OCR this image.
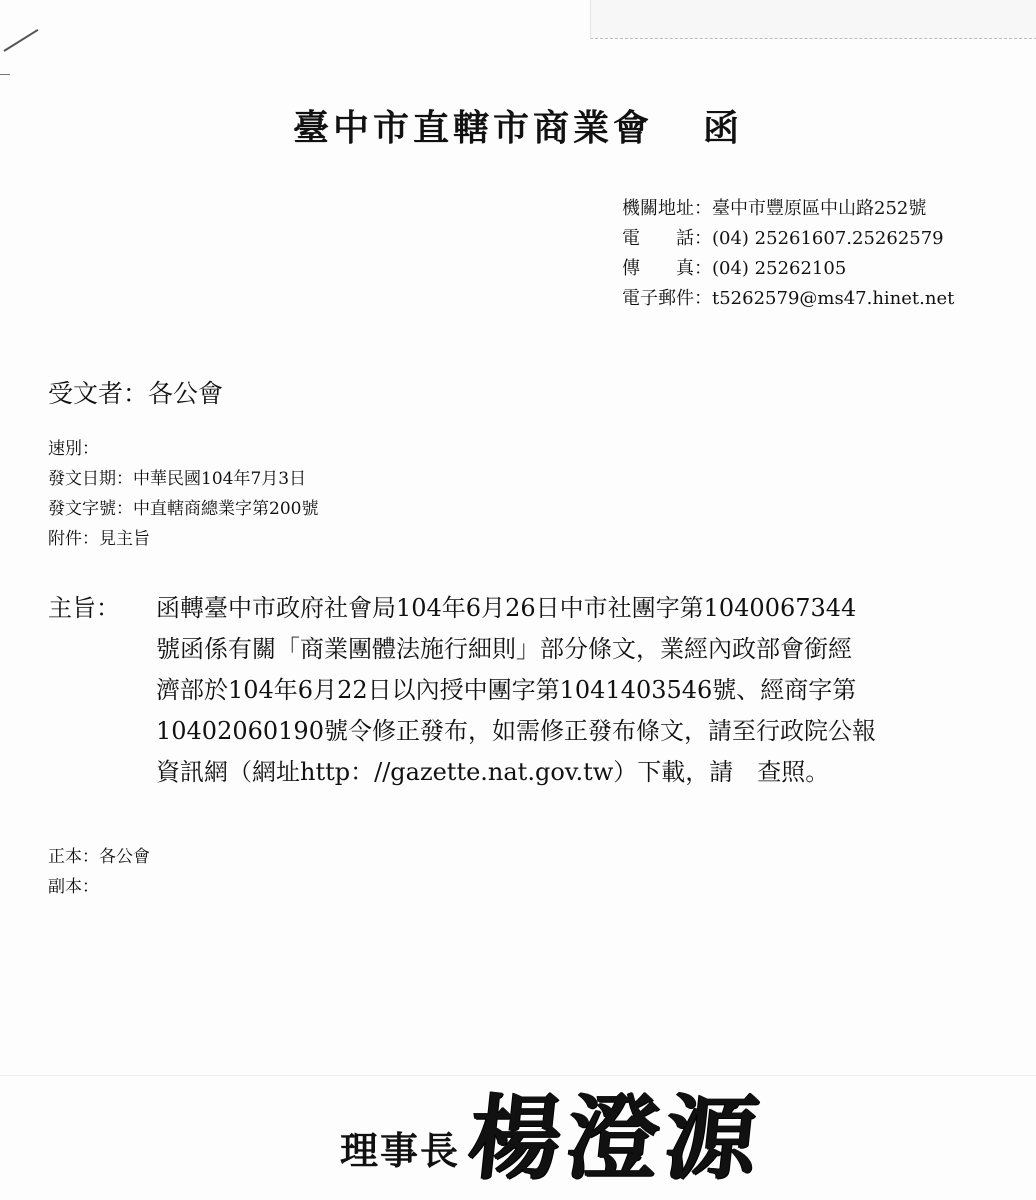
臺中市直轄市商業會 函
機關地址：臺中市豐原區中山路252號
電　　話：(04) 25261607.25262579
傳　　真：(04) 25262105
電子郵件：t5262579@ms47.hinet.net
受文者：各公會
速別：
發文日期：中華民國104年7月3日
發文字號：中直轄商總業字第200號
附件：見主旨
主旨： 函轉臺中市政府社會局104年6月26日中市社團字第1040067344
號函係有關「商業團體法施行細則」部分條文，業經內政部會銜經
濟部於104年6月22日以內授中團字第1041403546號、經商字第
10402060190號令修正發布，如需修正發布條文，請至行政院公報
資訊網（網址http：//gazette.nat.gov.tw）下載，請　查照。
正本：各公會
副本：
理事長 楊澄源
